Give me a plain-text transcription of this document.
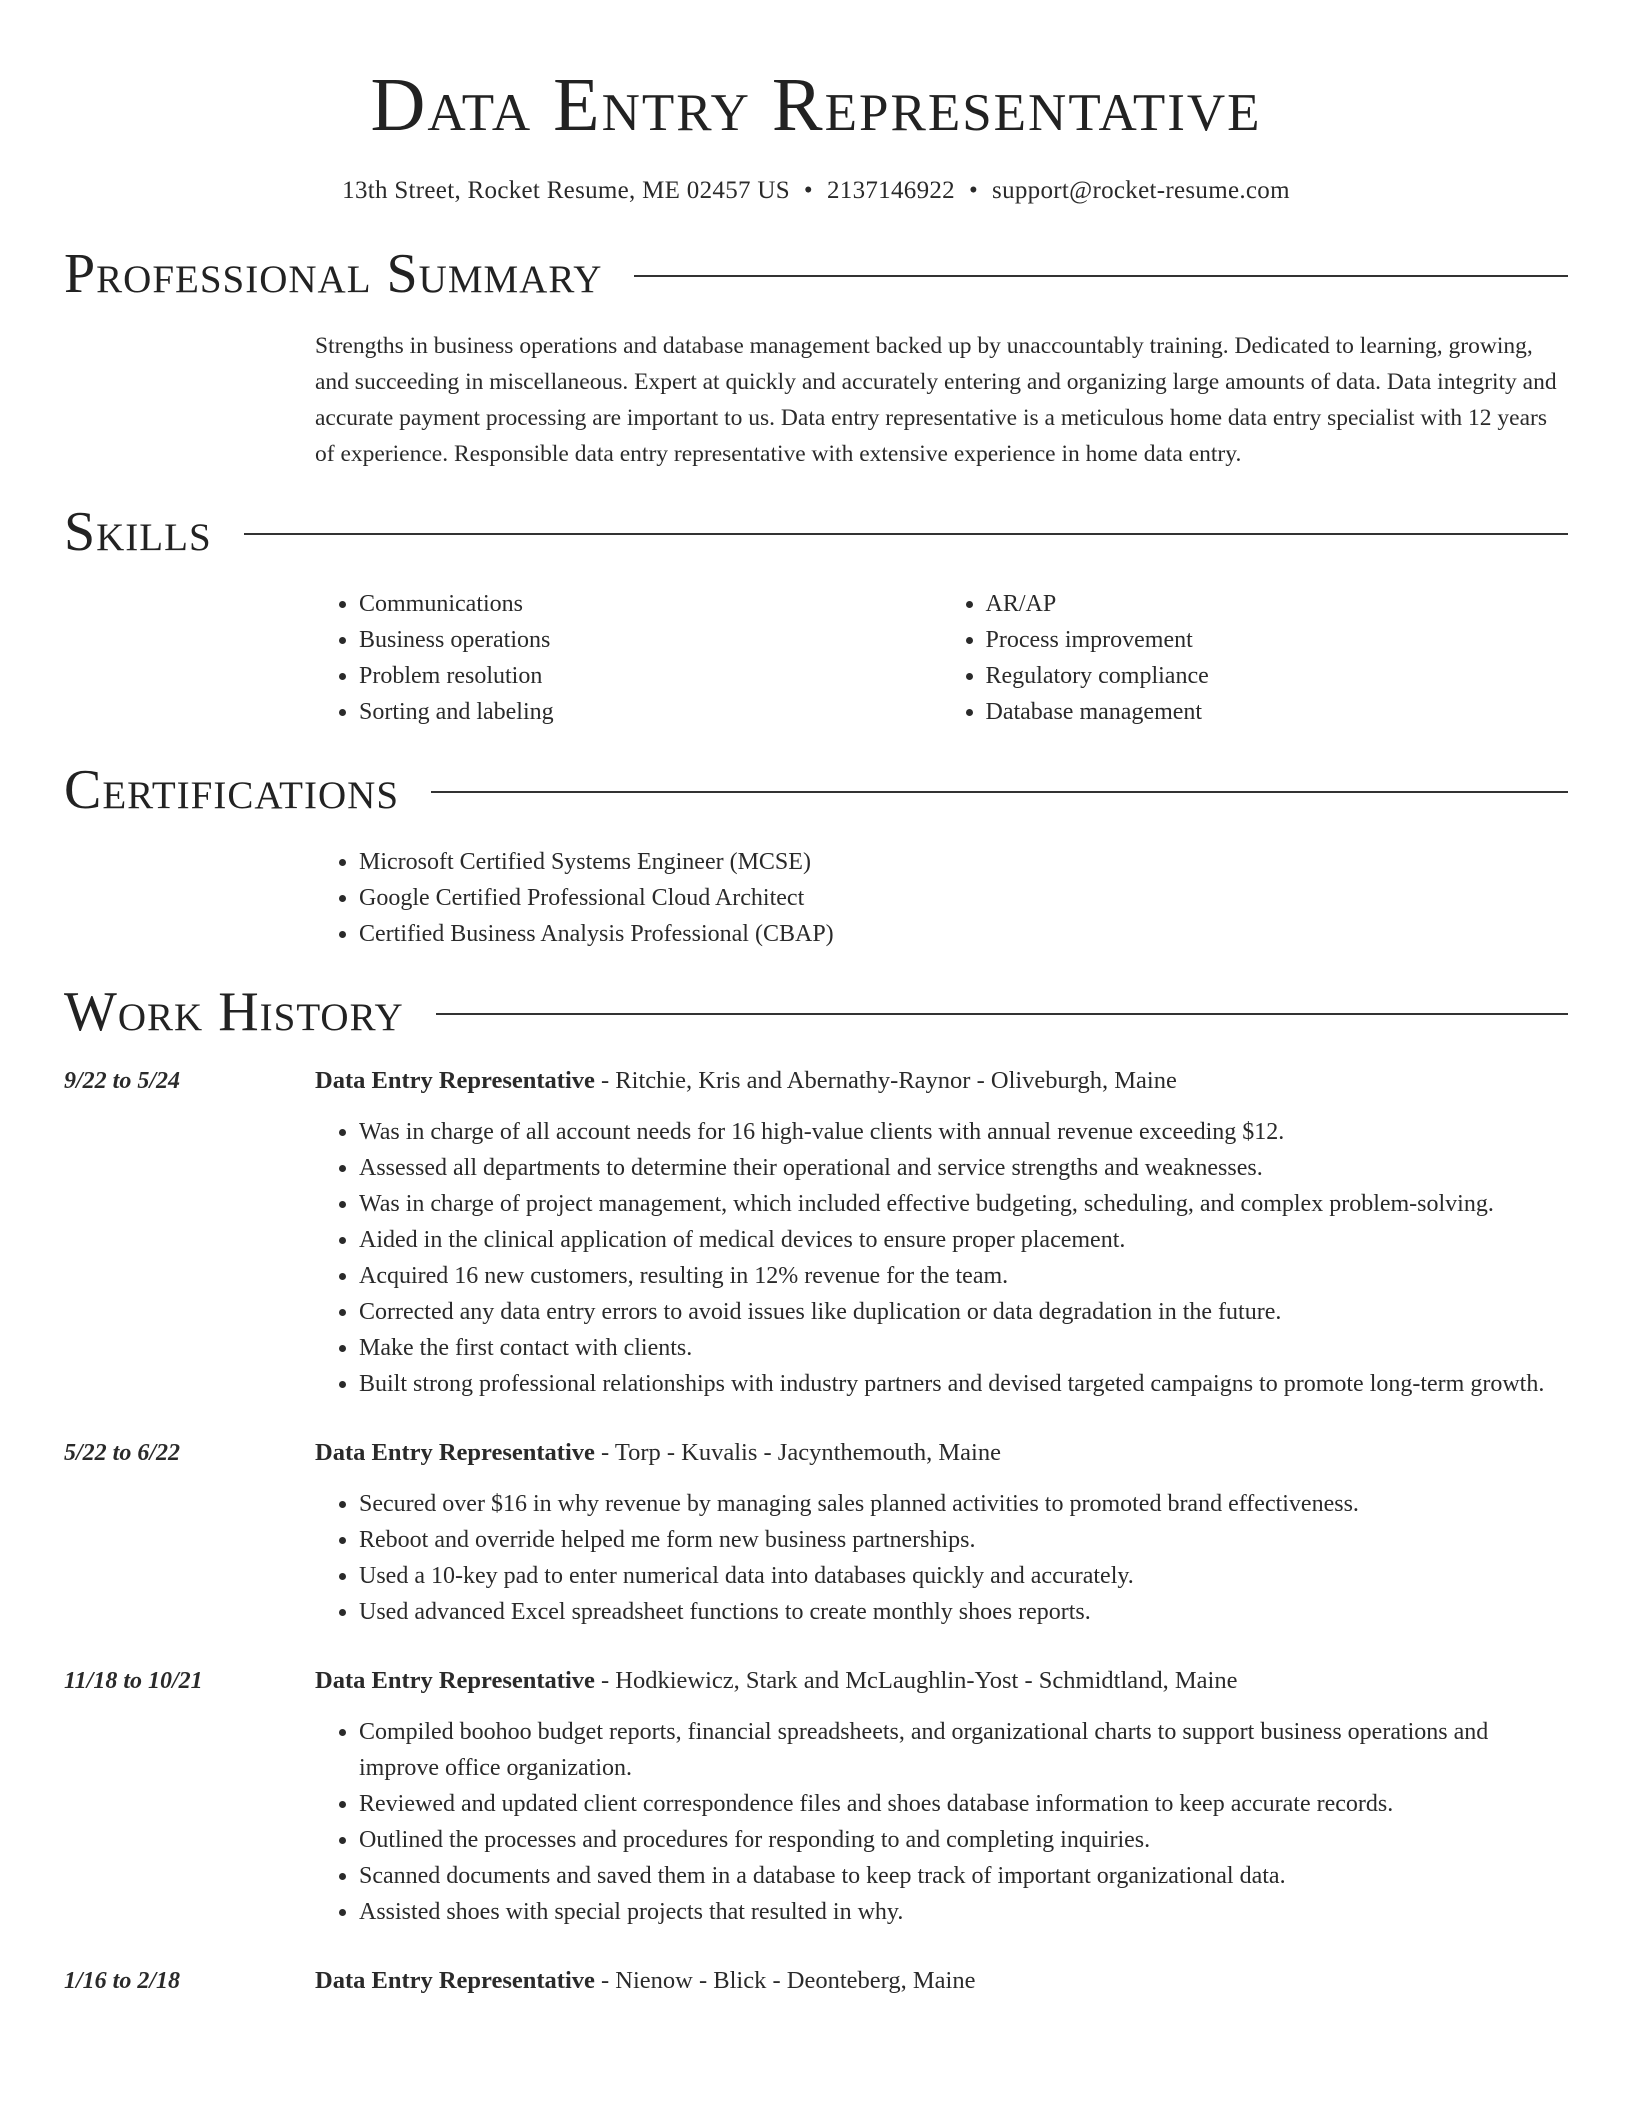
Data Entry Representative
13th Street, Rocket Resume, ME 02457 US • 2137146922 • support@rocket-resume.com
Professional Summary
Strengths in business operations and database management backed up by unaccountably training. Dedicated to learning, growing, and succeeding in miscellaneous. Expert at quickly and accurately entering and organizing large amounts of data. Data integrity and accurate payment processing are important to us. Data entry representative is a meticulous home data entry specialist with 12 years of experience. Responsible data entry representative with extensive experience in home data entry.
Skills
• Communications
• Business operations
• Problem resolution
• Sorting and labeling
• AR/AP
• Process improvement
• Regulatory compliance
• Database management
Certifications
• Microsoft Certified Systems Engineer (MCSE)
• Google Certified Professional Cloud Architect
• Certified Business Analysis Professional (CBAP)
Work History
9/22 to 5/24	Data Entry Representative - Ritchie, Kris and Abernathy-Raynor - Oliveburgh, Maine
• Was in charge of all account needs for 16 high-value clients with annual revenue exceeding $12.
• Assessed all departments to determine their operational and service strengths and weaknesses.
• Was in charge of project management, which included effective budgeting, scheduling, and complex problem-solving.
• Aided in the clinical application of medical devices to ensure proper placement.
• Acquired 16 new customers, resulting in 12% revenue for the team.
• Corrected any data entry errors to avoid issues like duplication or data degradation in the future.
• Make the first contact with clients.
• Built strong professional relationships with industry partners and devised targeted campaigns to promote long-term growth.
5/22 to 6/22	Data Entry Representative - Torp - Kuvalis - Jacynthemouth, Maine
• Secured over $16 in why revenue by managing sales planned activities to promoted brand effectiveness.
• Reboot and override helped me form new business partnerships.
• Used a 10-key pad to enter numerical data into databases quickly and accurately.
• Used advanced Excel spreadsheet functions to create monthly shoes reports.
11/18 to 10/21	Data Entry Representative - Hodkiewicz, Stark and McLaughlin-Yost - Schmidtland, Maine
• Compiled boohoo budget reports, financial spreadsheets, and organizational charts to support business operations and improve office organization.
• Reviewed and updated client correspondence files and shoes database information to keep accurate records.
• Outlined the processes and procedures for responding to and completing inquiries.
• Scanned documents and saved them in a database to keep track of important organizational data.
• Assisted shoes with special projects that resulted in why.
1/16 to 2/18	Data Entry Representative - Nienow - Blick - Deonteberg, Maine
